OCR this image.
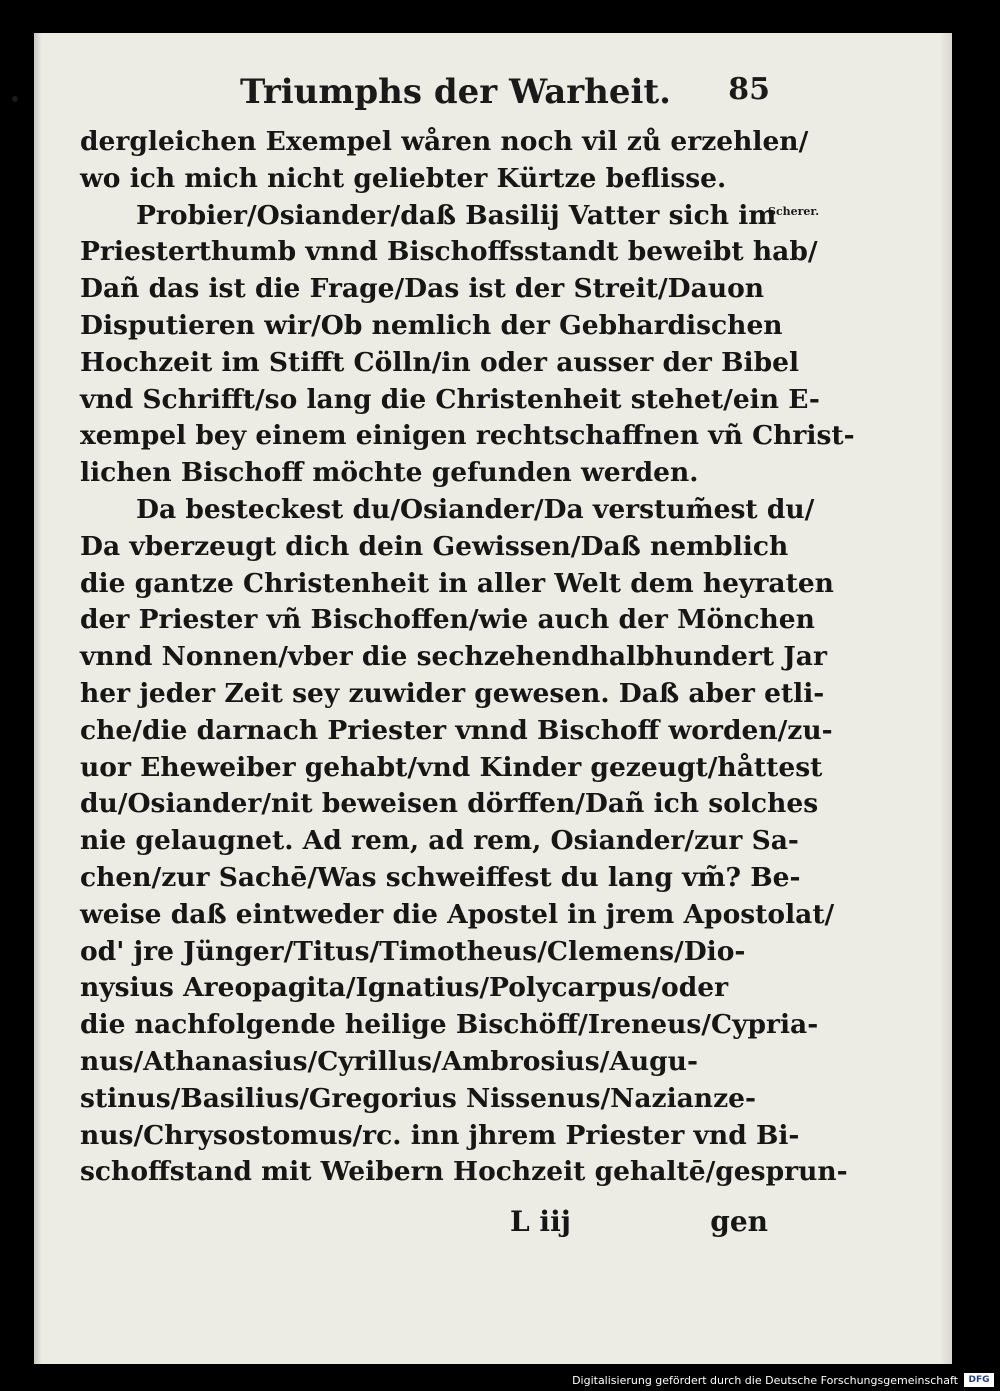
Triumphs der Warheit. 85
Scherer.
dergleichen Exempel wåren noch vil zů erzehlen/
wo ich mich nicht geliebter Kürtze beflisse.
Probier/Osiander/daß Basilij Vatter sich im
Priesterthumb vnnd Bischoffsstandt beweibt hab/
Dañ das ist die Frage/Das ist der Streit/Dauon
Disputieren wir/Ob nemlich der Gebhardischen
Hochzeit im Stifft Cölln/in oder ausser der Bibel
vnd Schrifft/so lang die Christenheit stehet/ein E-
xempel bey einem einigen rechtschaffnen vñ Christ-
lichen Bischoff möchte gefunden werden.
Da besteckest du/Osiander/Da verstum̃est du/
Da vberzeugt dich dein Gewissen/Daß nemblich
die gantze Christenheit in aller Welt dem heyraten
der Priester vñ Bischoffen/wie auch der Mönchen
vnnd Nonnen/vber die sechzehendhalbhundert Jar
her jeder Zeit sey zuwider gewesen. Daß aber etli-
che/die darnach Priester vnnd Bischoff worden/zu-
uor Eheweiber gehabt/vnd Kinder gezeugt/håttest
du/Osiander/nit beweisen dörffen/Dañ ich solches
nie gelaugnet. Ad rem, ad rem, Osiander/zur Sa-
chen/zur Sachē/Was schweiffest du lang vm̃? Be-
weise daß eintweder die Apostel in jrem Apostolat/
od' jre Jünger/Titus/Timotheus/Clemens/Dio-
nysius Areopagita/Ignatius/Polycarpus/oder
die nachfolgende heilige Bischöff/Ireneus/Cypria-
nus/Athanasius/Cyrillus/Ambrosius/Augu-
stinus/Basilius/Gregorius Nissenus/Nazianze-
nus/Chrysostomus/rc. inn jhrem Priester vnd Bi-
schoffstand mit Weibern Hochzeit gehaltē/gesprun-
L iij	gen
Digitalisierung gefördert durch die Deutsche Forschungsgemeinschaft	DFG
